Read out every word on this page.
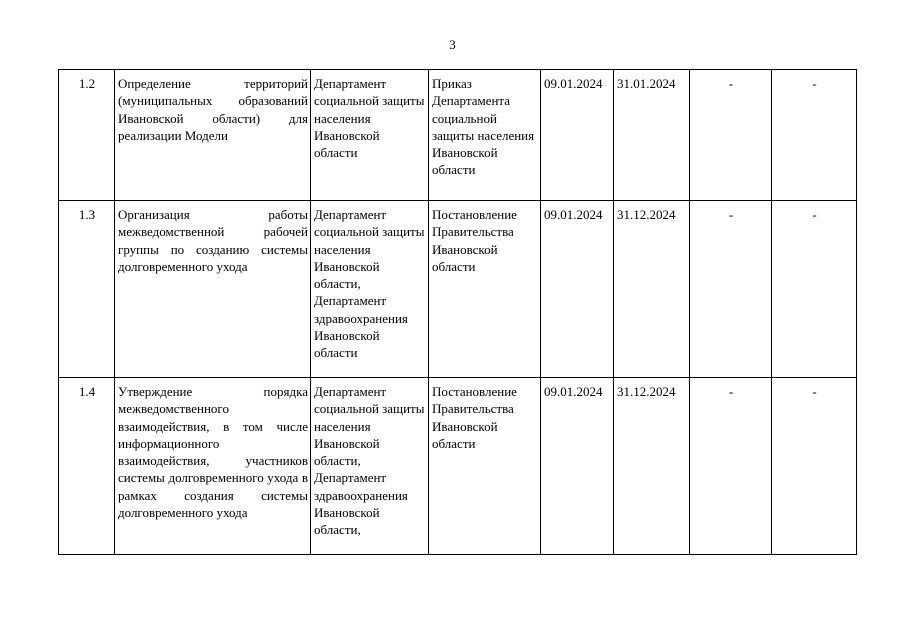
3
1.2	Определение территорий (муниципальных образований Ивановской области) для реализации Модели	Департамент социальной защиты населения Ивановской области	Приказ Департамента социальной защиты населения Ивановской области	09.01.2024	31.01.2024	-	-
1.3	Организация работы межведомственной рабочей группы по созданию системы долговременного ухода	Департамент социальной защиты населения Ивановской области, Департамент здравоохранения Ивановской области	Постановление Правительства Ивановской области	09.01.2024	31.12.2024	-	-
1.4	Утверждение порядка межведомственного взаимодействия, в том числе информационного взаимодействия, участников системы долговременного ухода в рамках создания системы долговременного ухода	Департамент социальной защиты населения Ивановской области, Департамент здравоохранения Ивановской области,	Постановление Правительства Ивановской области	09.01.2024	31.12.2024	-	-
